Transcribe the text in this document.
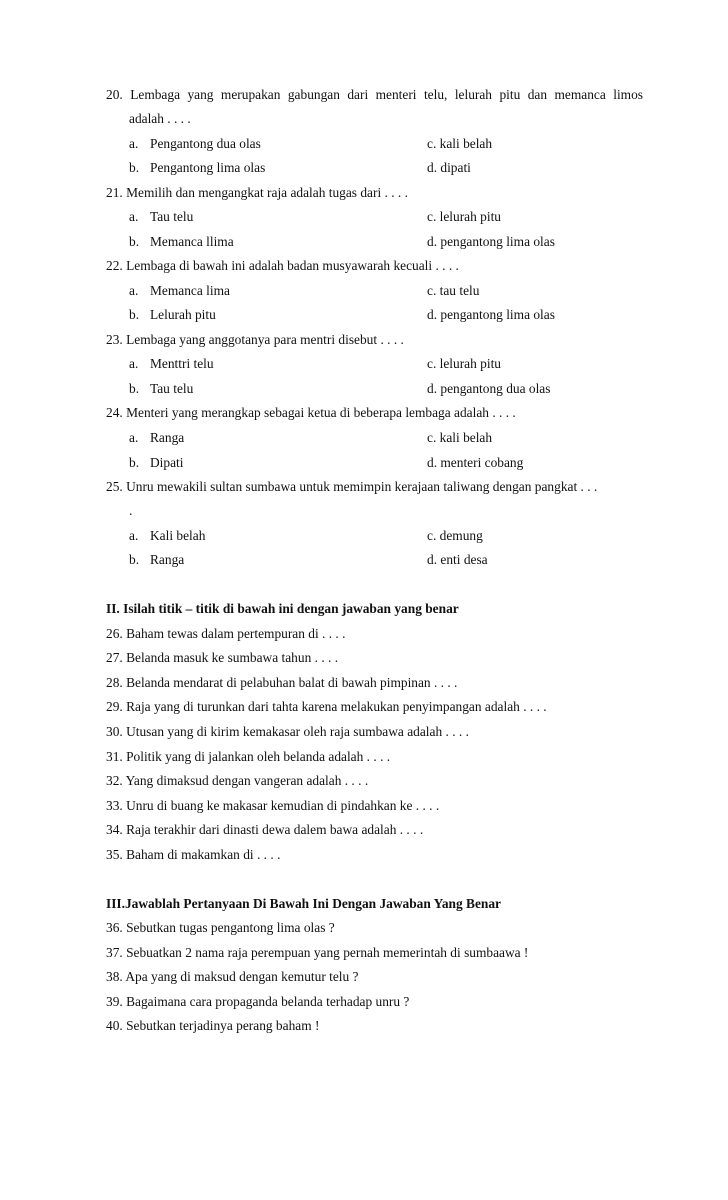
20. Lembaga yang merupakan gabungan dari menteri telu, lelurah pitu dan memanca limos
adalah . . . .
a. Pengantong dua olas	c. kali belah
b. Pengantong lima olas	d. dipati
21. Memilih dan mengangkat raja adalah tugas dari . . . .
a. Tau telu	c. lelurah pitu
b. Memanca llima	d. pengantong lima olas
22. Lembaga di bawah ini adalah badan musyawarah kecuali . . . .
a. Memanca lima	c. tau telu
b. Lelurah pitu	d. pengantong lima olas
23. Lembaga yang anggotanya para mentri disebut . . . .
a. Menttri telu	c. lelurah pitu
b. Tau telu	d. pengantong dua olas
24. Menteri yang merangkap sebagai ketua di beberapa lembaga adalah . . . .
a. Ranga	c. kali belah
b. Dipati	d. menteri cobang
25. Unru mewakili sultan sumbawa untuk memimpin kerajaan taliwang dengan pangkat . . .
.
a. Kali belah	c. demung
b. Ranga	d. enti desa
II. Isilah titik – titik di bawah ini dengan jawaban yang benar
26. Baham tewas dalam pertempuran di . . . .
27. Belanda masuk ke sumbawa tahun . . . .
28. Belanda mendarat di pelabuhan balat di bawah pimpinan . . . .
29. Raja yang di turunkan dari tahta karena melakukan penyimpangan adalah . . . .
30. Utusan yang di kirim kemakasar oleh raja sumbawa adalah . . . .
31. Politik yang di jalankan oleh belanda adalah . . . .
32. Yang dimaksud dengan vangeran adalah . . . .
33. Unru di buang ke makasar kemudian di pindahkan ke . . . .
34. Raja terakhir dari dinasti dewa dalem bawa adalah . . . .
35. Baham di makamkan di . . . .
III.Jawablah Pertanyaan Di Bawah Ini Dengan Jawaban Yang Benar
36. Sebutkan tugas pengantong lima olas ?
37. Sebuatkan 2 nama raja perempuan yang pernah memerintah di sumbaawa !
38. Apa yang di maksud dengan kemutur telu ?
39. Bagaimana cara propaganda belanda terhadap unru ?
40. Sebutkan terjadinya perang baham !
